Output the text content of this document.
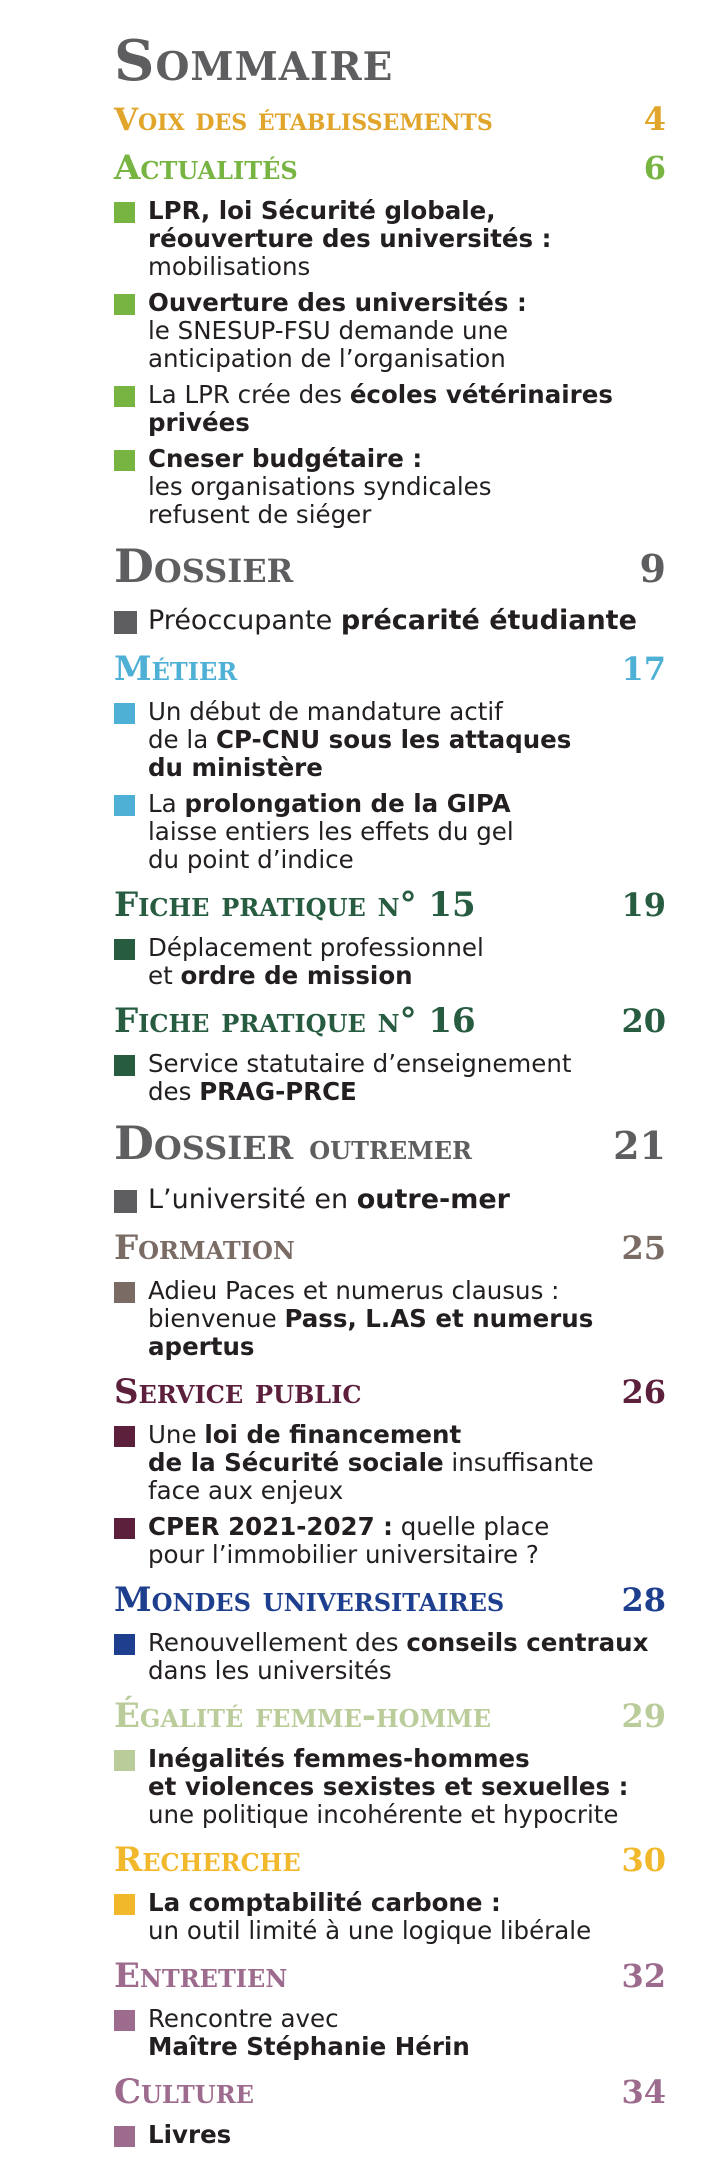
Sommaire
Voix des établissements	4
Actualités	6
LPR, loi Sécurité globale, réouverture des universités : mobilisations
Ouverture des universités :
le SNESUP-FSU demande une
anticipation de l’organisation
La LPR crée des écoles vétérinaires
privées
Cneser budgétaire :
les organisations syndicales
refusent de siéger
Dossier	9
Préoccupante précarité étudiante
Métier	17
Un début de mandature actif
de la CP-CNU sous les attaques
du ministère
La prolongation de la GIPA
laisse entiers les effets du gel
du point d’indice
Fiche pratique n° 15	19
Déplacement professionnel
et ordre de mission
Fiche pratique n° 16	20
Service statutaire d’enseignement
des PRAG-PRCE
Dossier outremer	21
L’université en outre-mer
Formation	25
Adieu Paces et numerus clausus :
bienvenue Pass, L.AS et numerus
apertus
Service public	26
Une loi de financement
de la Sécurité sociale insuffisante
face aux enjeux
CPER 2021-2027 : quelle place
pour l’immobilier universitaire ?
Mondes universitaires	28
Renouvellement des conseils centraux
dans les universités
Égalité femme-homme	29
Inégalités femmes-hommes
et violences sexistes et sexuelles :
une politique incohérente et hypocrite
Recherche	30
La comptabilité carbone :
un outil limité à une logique libérale
Entretien	32
Rencontre avec
Maître Stéphanie Hérin
Culture	34
Livres
